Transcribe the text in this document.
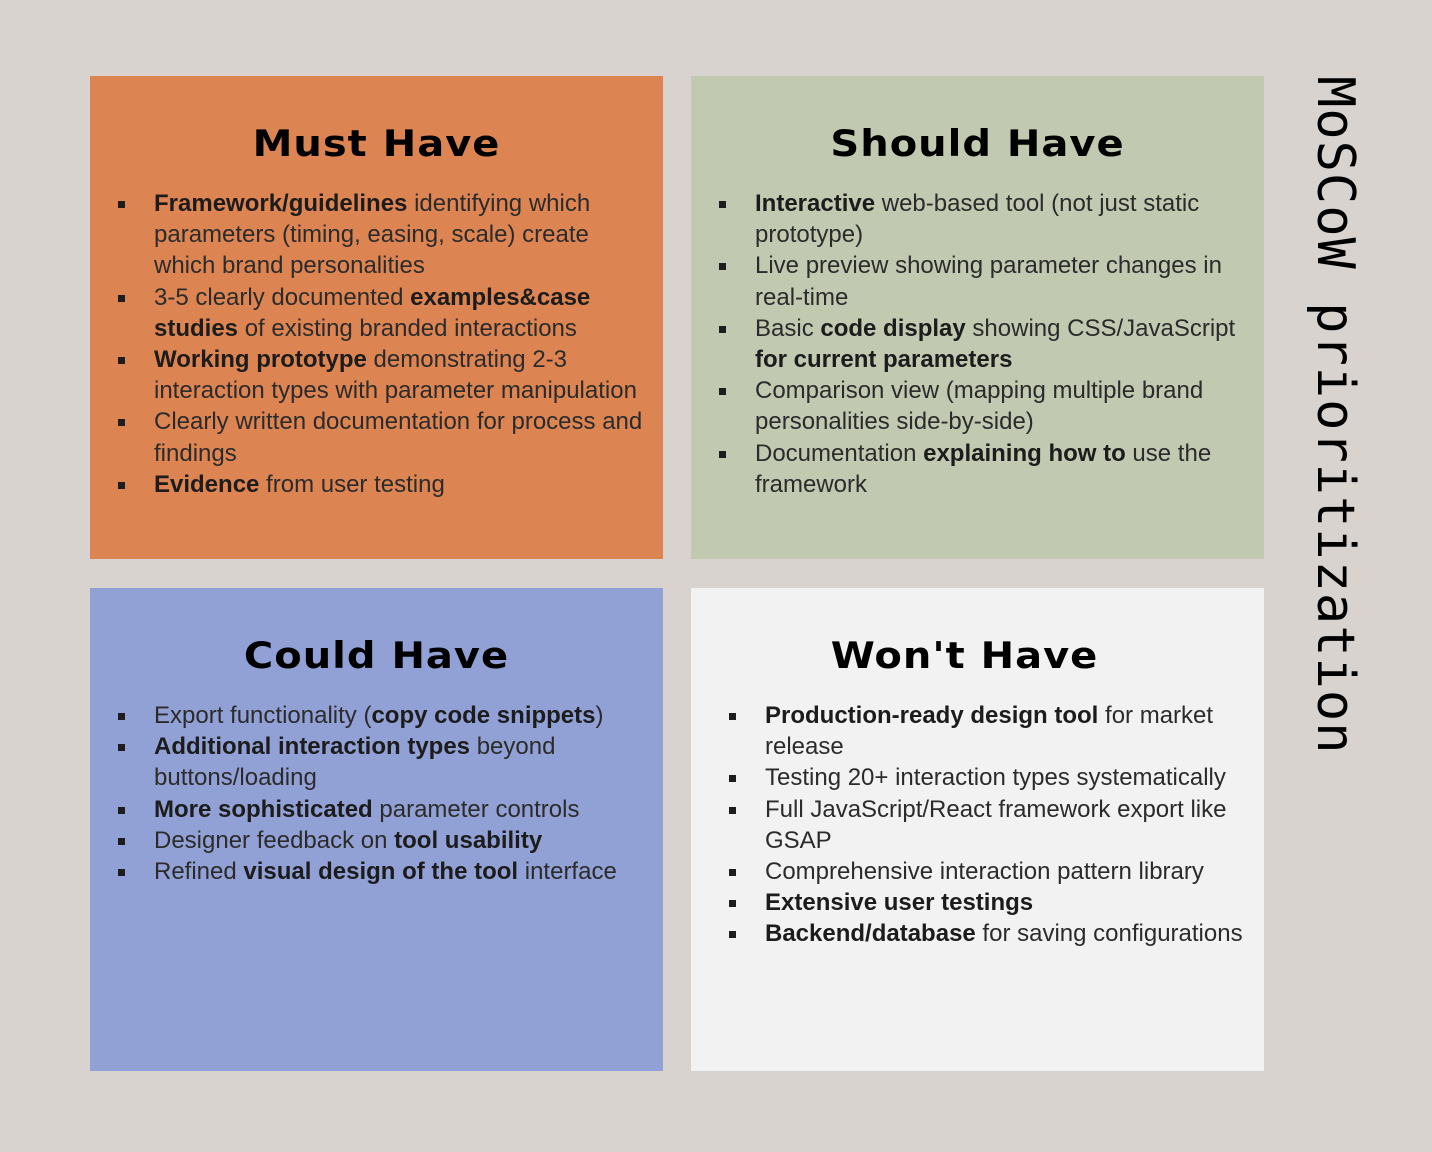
Must Have
Framework/guidelines identifying which parameters (timing, easing, scale) create which brand personalities
3-5 clearly documented examples&case studies of existing branded interactions
Working prototype demonstrating 2-3 interaction types with parameter manipulation
Clearly written documentation for process and findings
Evidence from user testing
Should Have
Interactive web-based tool (not just static prototype)
Live preview showing parameter changes in real-time
Basic code display showing CSS/JavaScript for current parameters
Comparison view (mapping multiple brand personalities side-by-side)
Documentation explaining how to use the framework
Could Have
Export functionality (copy code snippets)
Additional interaction types beyond buttons/loading
More sophisticated parameter controls
Designer feedback on tool usability
Refined visual design of the tool interface
Won't Have
Production-ready design tool for market release
Testing 20+ interaction types systematically
Full JavaScript/React framework export like GSAP
Comprehensive interaction pattern library
Extensive user testings
Backend/database for saving configurations
MoSCoW prioritization
